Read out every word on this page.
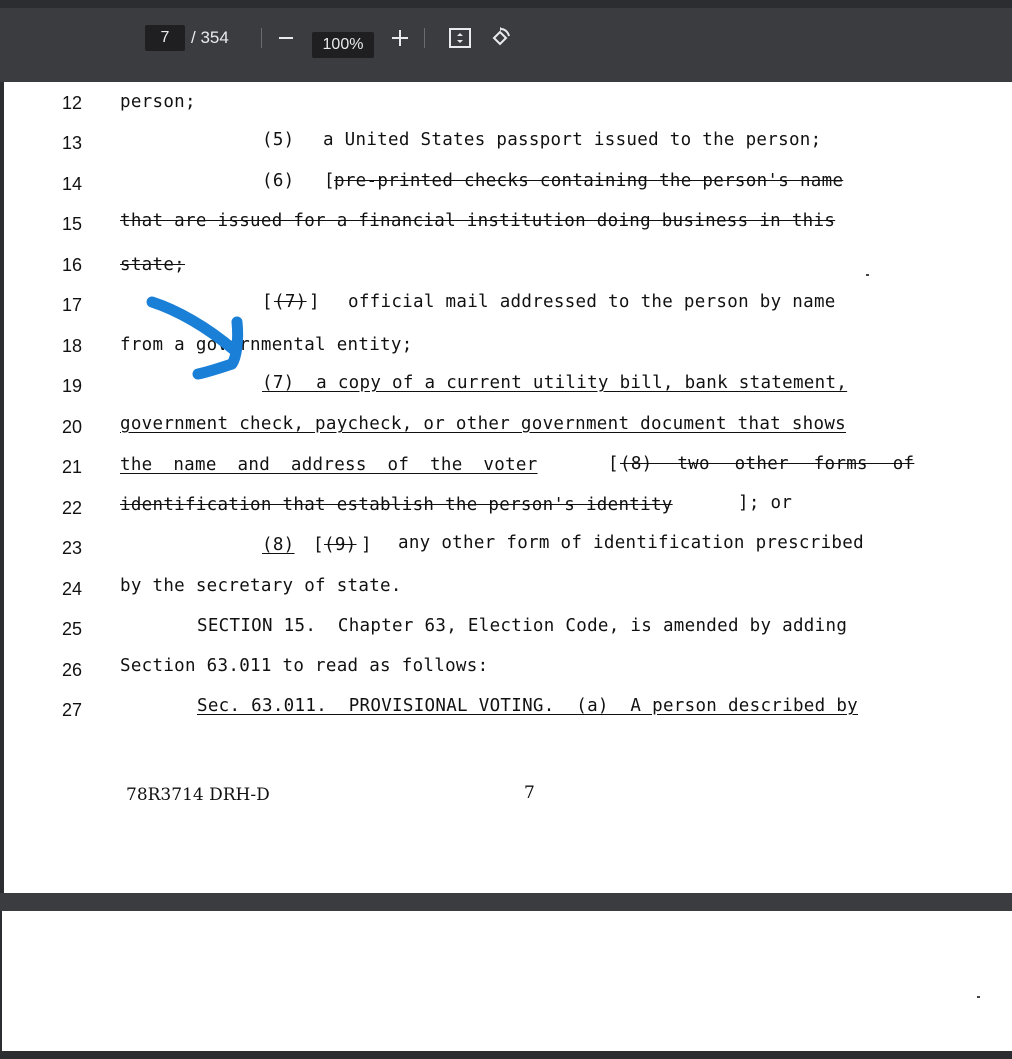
7	/ 354	100%
12
13
14
15
16
17
18
19
20
21
22
23
24
25
26
27
person;
(5) a United States passport issued to the person;
(6) [ pre-printed checks containing the person's name
that are issued for a financial institution doing business in this
state;
[ (7) ] official mail addressed to the person by name
from a governmental entity;
(7)  a copy of a current utility bill, bank statement,
government check, paycheck, or other government document that shows
the name and address of the voter	[ (8) two other forms of
identification that establish the person's identity	]; or
(8) [ (9) ] any other form of identification prescribed
by the secretary of state.
SECTION 15.  Chapter 63, Election Code, is amended by adding
Section 63.011 to read as follows:
Sec. 63.011.  PROVISIONAL VOTING.  (a)  A person described by
78R3714 DRH-D	7
